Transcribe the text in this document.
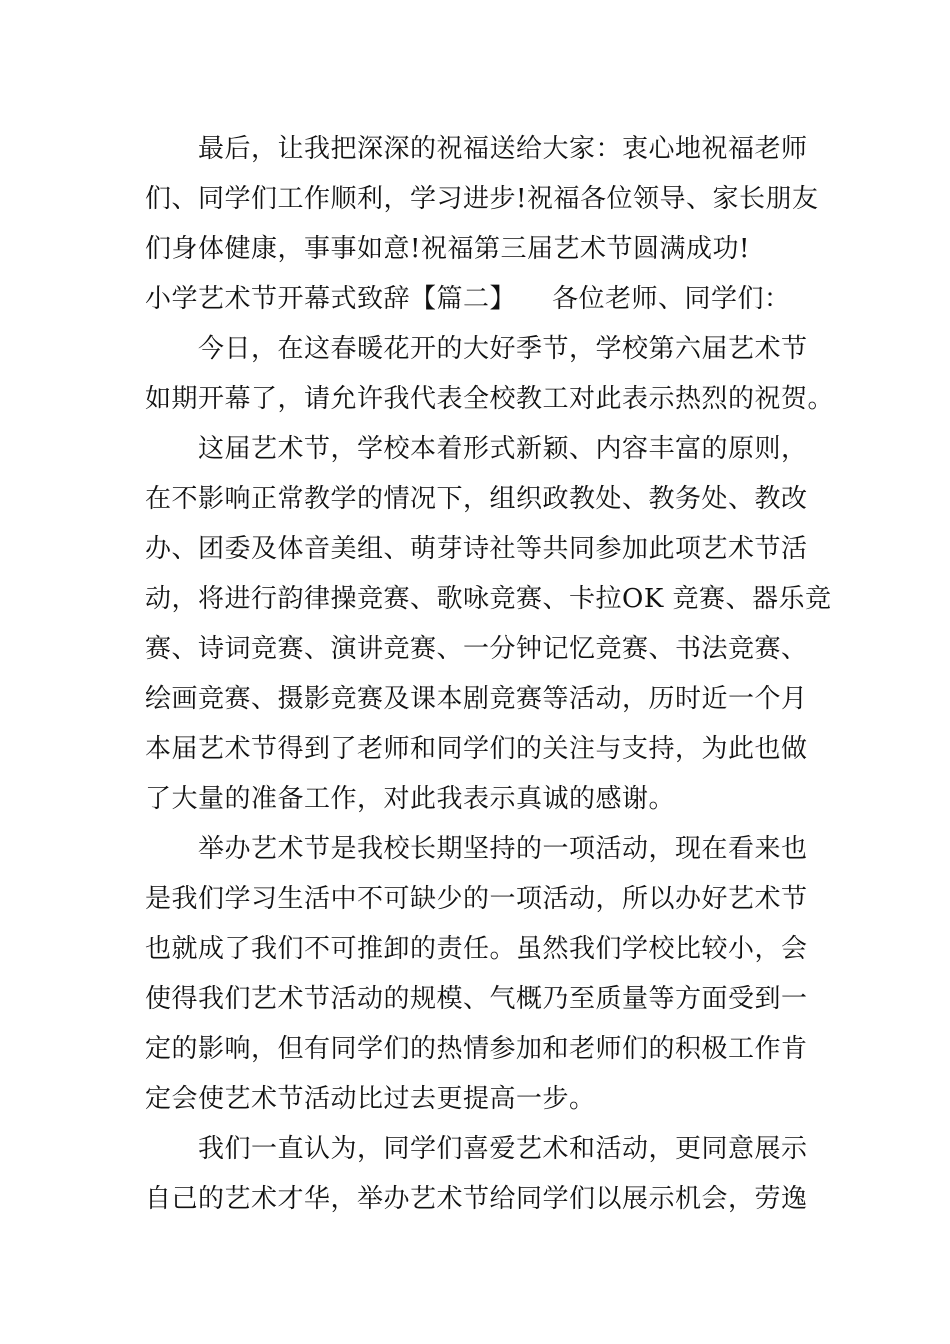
最后，让我把深深的祝福送给大家：衷心地祝福老师
们、同学们工作顺利，学习进步!祝福各位领导、家长朋友
们身体健康，事事如意!祝福第三届艺术节圆满成功!
小学艺术节开幕式致辞【篇二】	各位老师、同学们：
今日，在这春暖花开的大好季节，学校第六届艺术节
如期开幕了，请允许我代表全校教工对此表示热烈的祝贺。
这届艺术节，学校本着形式新颖、内容丰富的原则，
在不影响正常教学的情况下，组织政教处、教务处、教改
办、团委及体音美组、萌芽诗社等共同参加此项艺术节活
动，将进行韵律操竞赛、歌咏竞赛、卡拉OK 竞赛、器乐竞
赛、诗词竞赛、演讲竞赛、一分钟记忆竞赛、书法竞赛、
绘画竞赛、摄影竞赛及课本剧竞赛等活动，历时近一个月
本届艺术节得到了老师和同学们的关注与支持，为此也做
了大量的准备工作，对此我表示真诚的感谢。
举办艺术节是我校长期坚持的一项活动，现在看来也
是我们学习生活中不可缺少的一项活动，所以办好艺术节
也就成了我们不可推卸的责任。虽然我们学校比较小，会
使得我们艺术节活动的规模、气概乃至质量等方面受到一
定的影响，但有同学们的热情参加和老师们的积极工作肯
定会使艺术节活动比过去更提高一步。
我们一直认为，同学们喜爱艺术和活动，更同意展示
自己的艺术才华，举办艺术节给同学们以展示机会，劳逸
